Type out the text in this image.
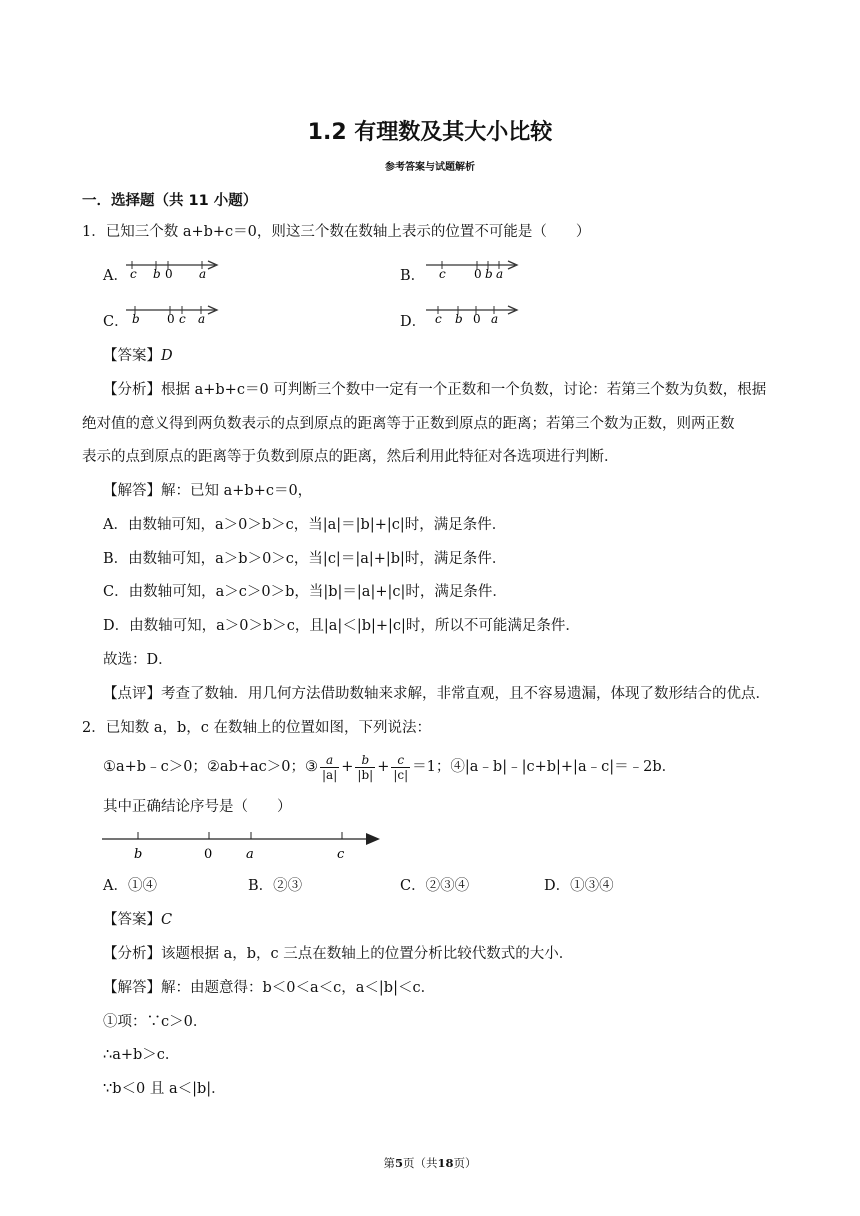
1.2 有理数及其大小比较
参考答案与试题解析
一．选择题（共 11 小题）
1．已知三个数 a+b+c＝0，则这三个数在数轴上表示的位置不可能是（　　）
A． c b 0 a	B． c 0 b a
C． b 0 c a	D． c b 0 a
【答案】D
【分析】根据 a+b+c＝0 可判断三个数中一定有一个正数和一个负数，讨论：若第三个数为负数，根据
绝对值的意义得到两负数表示的点到原点的距离等于正数到原点的距离；若第三个数为正数，则两正数
表示的点到原点的距离等于负数到原点的距离，然后利用此特征对各选项进行判断．
【解答】解：已知 a+b+c＝0，
A．由数轴可知，a＞0＞b＞c，当|a|＝|b|+|c|时，满足条件．
B．由数轴可知，a＞b＞0＞c，当|c|＝|a|+|b|时，满足条件．
C．由数轴可知，a＞c＞0＞b，当|b|＝|a|+|c|时，满足条件．
D．由数轴可知，a＞0＞b＞c，且|a|＜|b|+|c|时，所以不可能满足条件．
故选：D．
【点评】考查了数轴．用几何方法借助数轴来求解，非常直观，且不容易遗漏，体现了数形结合的优点．
2．已知数 a，b，c 在数轴上的位置如图，下列说法：
①a+b﹣c＞0；②ab+ac＞0；③ $\frac{a}{|a|} + \frac{b}{|b|} + \frac{c}{|c|} =1$；④|a﹣b|﹣|c+b|+|a﹣c|＝﹣2b．
其中正确结论序号是（　　）
b	0	a	c
A．①④	B．②③	C．②③④	D．①③④
【答案】C
【分析】该题根据 a，b，c 三点在数轴上的位置分析比较代数式的大小．
【解答】解：由题意得：b＜0＜a＜c，a＜|b|＜c．
①项：∵c＞0．
∴a+b＞c．
∵b＜0 且 a＜|b|．
第5页（共18页）
